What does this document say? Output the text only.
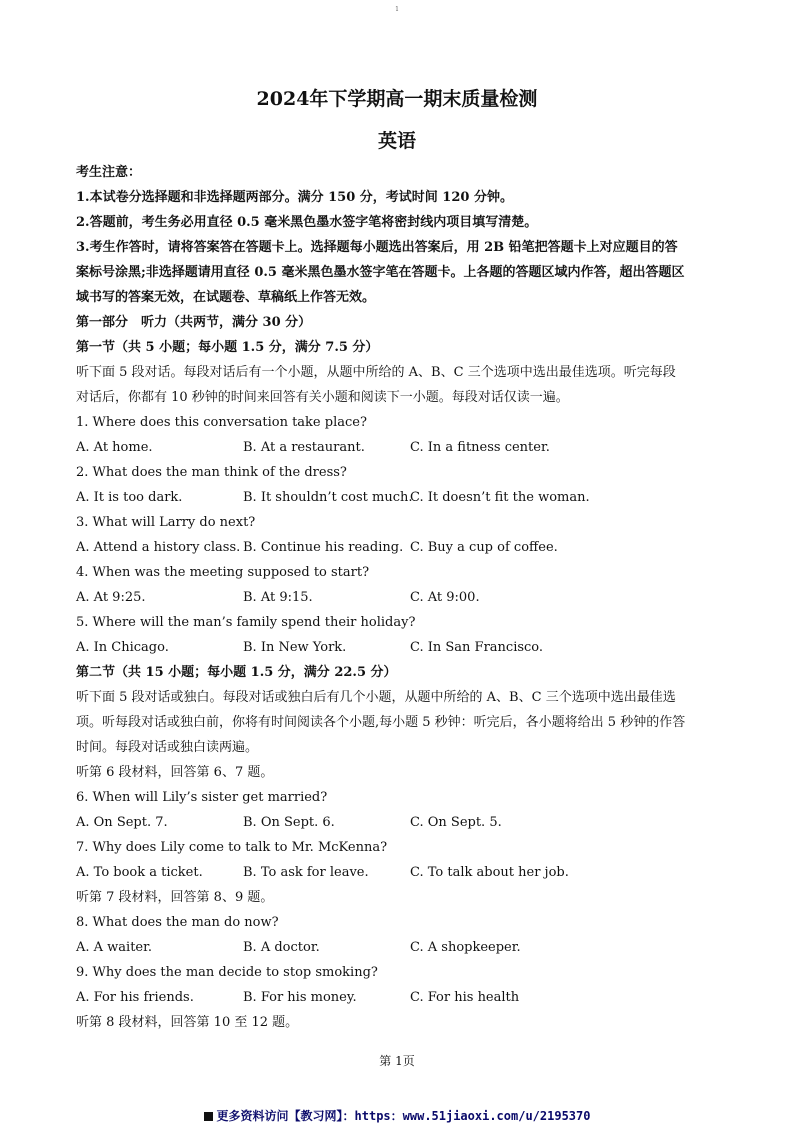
1
2024年下学期高一期末质量检测
英语
考生注意：
1.本试卷分选择题和非选择题两部分。满分 150 分，考试时间 120 分钟。
2.答题前，考生务必用直径 0.5 毫米黑色墨水签字笔将密封线内项目填写清楚。
3.考生作答时，请将答案答在答题卡上。选择题每小题选出答案后，用 2B 铅笔把答题卡上对应题目的答
案标号涂黑;非选择题请用直径 0.5 毫米黑色墨水签字笔在答题卡。上各题的答题区域内作答，超出答题区
域书写的答案无效，在试题卷、草稿纸上作答无效。
第一部分　听力（共两节，满分 30 分）
第一节（共 5 小题；每小题 1.5 分，满分 7.5 分）
听下面 5 段对话。每段对话后有一个小题，从题中所给的 A、B、C 三个选项中选出最佳选项。听完每段
对话后，你都有 10 秒钟的时间来回答有关小题和阅读下一小题。每段对话仅读一遍。
1. Where does this conversation take place?
A. At home.	B. At a restaurant.	C. In a fitness center.
2. What does the man think of the dress?
A. It is too dark.	B. It shouldn’t cost much.
C. It doesn’t fit the woman.
3. What will Larry do next?
A. Attend a history class. B. Continue his reading. C. Buy a cup of coffee.
4. When was the meeting supposed to start?
A. At 9:25.	B. At 9:15.	C. At 9:00.
5. Where will the man’s family spend their holiday?
A. In Chicago.	B. In New York.	C. In San Francisco.
第二节（共 15 小题；每小题 1.5 分，满分 22.5 分）
听下面 5 段对话或独白。每段对话或独白后有几个小题，从题中所给的 A、B、C 三个选项中选出最佳选
项。听每段对话或独白前，你将有时间阅读各个小题,每小题 5 秒钟：听完后，各小题将给出 5 秒钟的作答
时间。每段对话或独白读两遍。
听第 6 段材料，回答第 6、7 题。
6. When will Lily’s sister get married?
A. On Sept. 7.	B. On Sept. 6.	C. On Sept. 5.
7. Why does Lily come to talk to Mr. McKenna?
A. To book a ticket.	B. To ask for leave.	C. To talk about her job.
听第 7 段材料，回答第 8、9 题。
8. What does the man do now?
A. A waiter.	B. A doctor.	C. A shopkeeper.
9. Why does the man decide to stop smoking?
A. For his friends.	B. For his money.	C. For his health
听第 8 段材料，回答第 10 至 12 题。
第 1页
更多资料访问【教习网】：https：www.51jiaoxi.com/u/2195370
